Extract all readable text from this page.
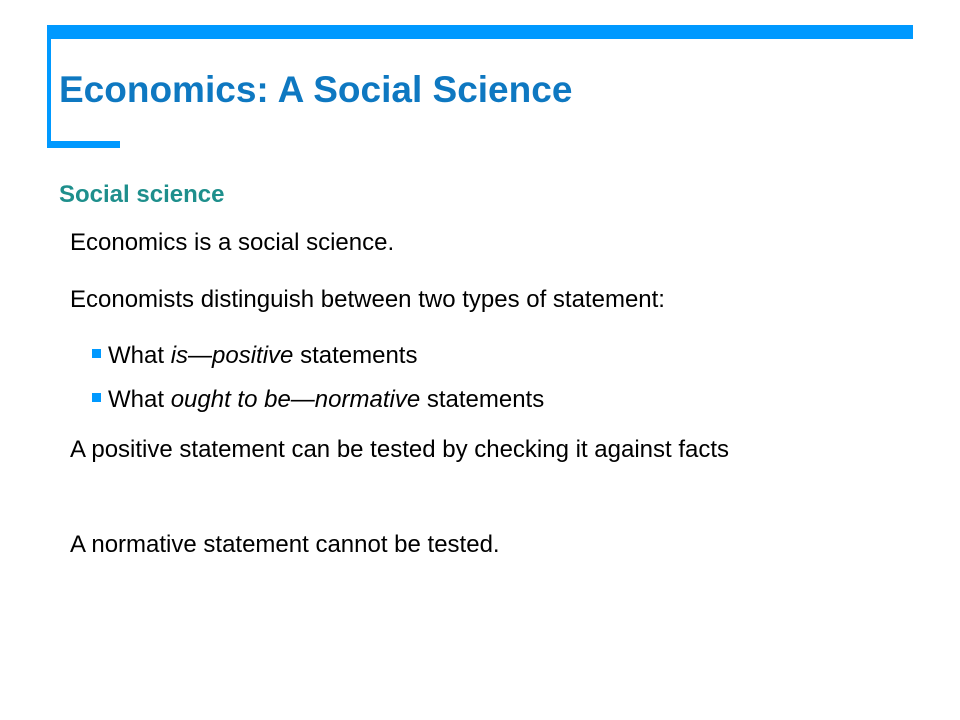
Economics: A Social Science
Social science

Economics is a social science.

Economists distinguish between two types of statement:

What is—positive statements
What ought to be—normative statements

A positive statement can be tested by checking it against facts

A normative statement cannot be tested.
